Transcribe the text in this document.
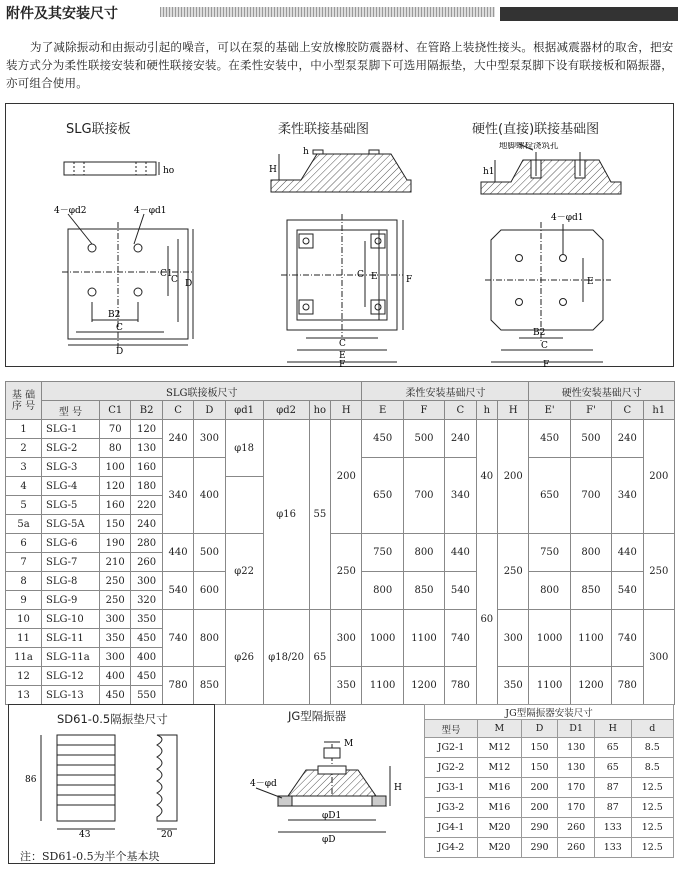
附件及其安装尺寸

为了减除振动和由振动引起的噪音，可以在泵的基础上安放橡胶防震器材、在管路上装挠性接头。根据减震器材的取舍，把安装方式分为柔性联接安装和硬性联接安装。在柔性安装中，中小型泵泵脚下可选用隔振垫，大中型泵泵脚下设有联接板和隔振器，亦可组合使用。

SLG联接板	柔性联接基础图	硬性(直接)联接基础图
ho
4－φd2	4－φd1
C1
C D
B2
C
D
H
h
C E	F
C
E
F
地脚螺栓浇筑孔
h1
4－φd1
E
B2
C
F
基 础 序 号	SLG联接板尺寸									柔性安装基础尺寸					硬性安装基础尺寸			
	型 号	C1	B2	C	D	φd1	φd2	ho	H	E	F	C	h	H	E'	F'	C	h1
1	SLG-1	70	120	240	300	φ18	φ16	55	200	450	500	240	40	200	450	500	240	200
2	SLG-2	80	130														
3	SLG-3	100	160	340	400					650	700	340			650	700	340	
4	SLG-4	120	180														
5	SLG-5	160	220														
5a	SLG-5A	150	240														
6	SLG-6	190	280	440	500	φ22			250	750	800	440	60	250	750	800	440	250
7	SLG-7	210	260														
8	SLG-8	250	300	540	600					800	850	540			800	850	540	
9	SLG-9	250	320														
10	SLG-10	300	350	740	800	φ26	φ18/20	65	300	1000	1100	740		300	1000	1100	740	300
11	SLG-11	350	450														
11a	SLG-11a	300	400														
12	SLG-12	400	450	780	850				350	1100	1200	780		350	1100	1200	780	
13	SLG-13	450	550														
SD61-0.5隔振垫尺寸
86
43	20
注：SD61-0.5为半个基本块
JG型隔振器
M
H
4－φd
φD1
φD
JG型隔振器安装尺寸					
型号	M	D	D1	H	d
JG2-1	M12	150	130	65	8.5
JG2-2	M12	150	130	65	8.5
JG3-1	M16	200	170	87	12.5
JG3-2	M16	200	170	87	12.5
JG4-1	M20	290	260	133	12.5
JG4-2	M20	290	260	133	12.5
